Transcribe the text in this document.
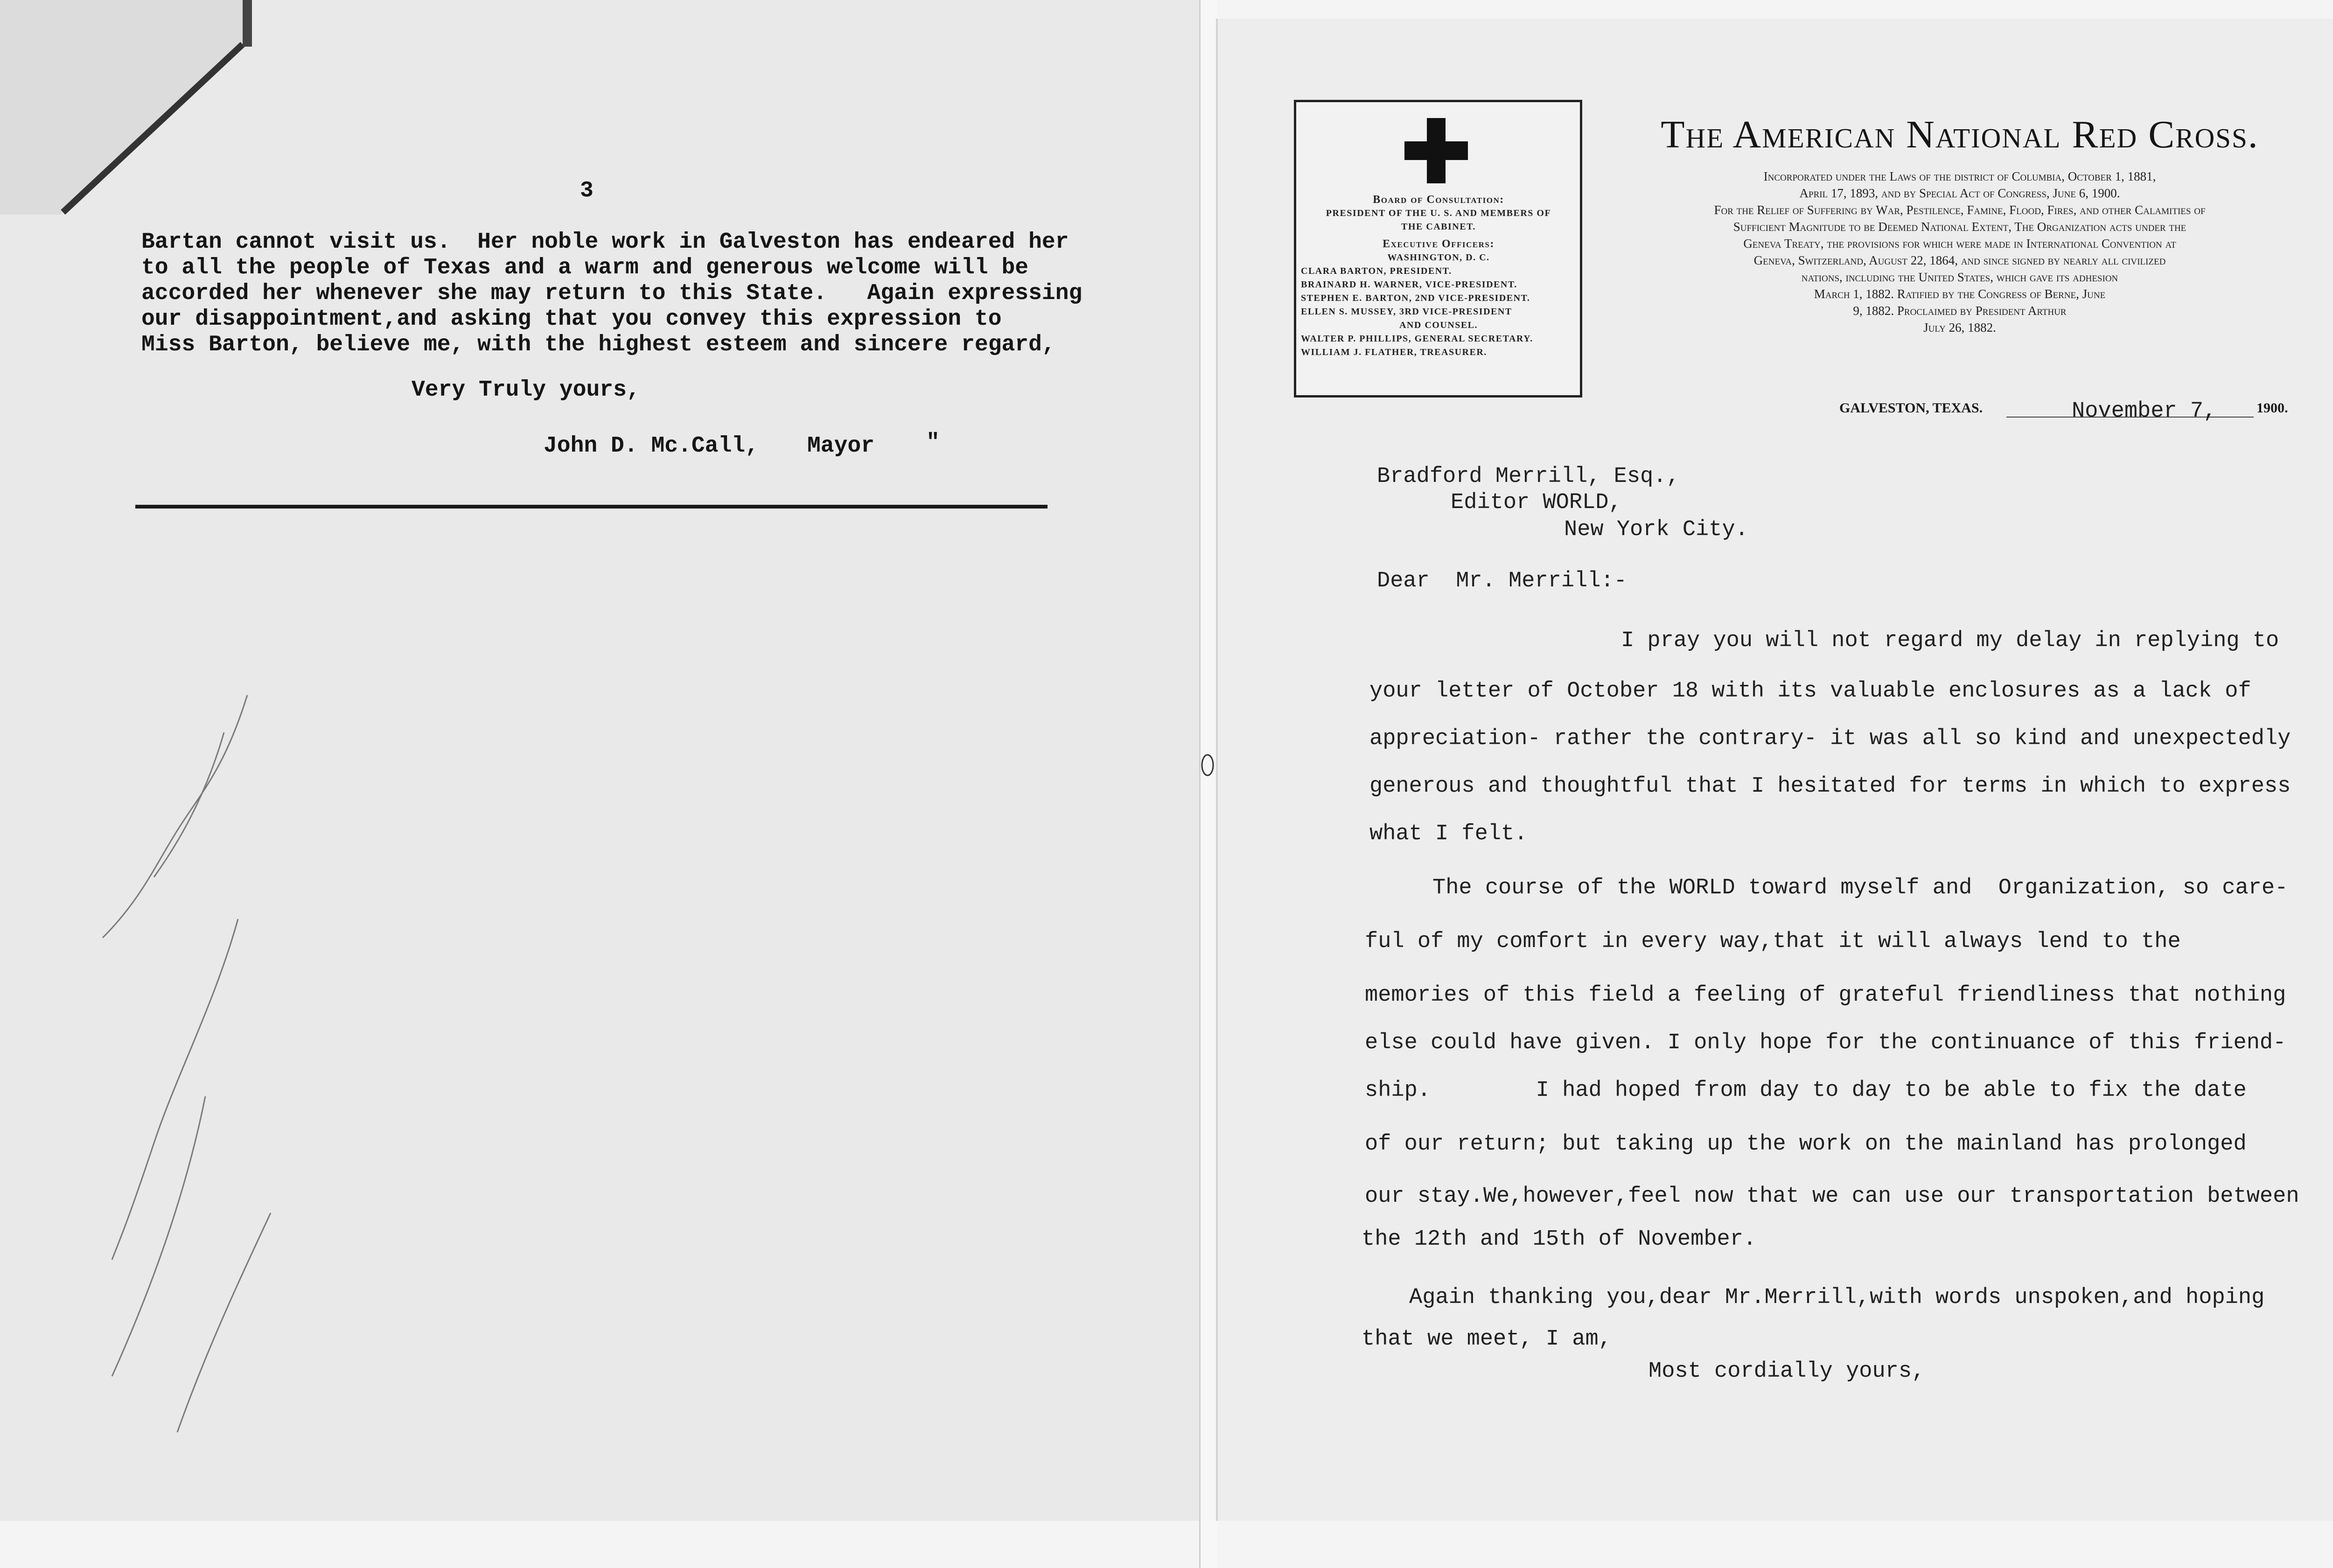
3
Bartan cannot visit us.  Her noble work in Galveston has endeared her
to all the people of Texas and a warm and generous welcome will be
accorded her whenever she may return to this State.   Again expressing
our disappointment,and asking that you convey this expression to
Miss Barton, believe me, with the highest esteem and sincere regard,
Very Truly yours,
John D. Mc.Call, Mayor "
Board of Consultation:
PRESIDENT OF THE U. S. AND MEMBERS OF
THE CABINET.
Executive Officers:
WASHINGTON, D. C.
CLARA BARTON, PRESIDENT.
BRAINARD H. WARNER, VICE-PRESIDENT.
STEPHEN E. BARTON, 2ND VICE-PRESIDENT.
ELLEN S. MUSSEY, 3RD VICE-PRESIDENT
AND COUNSEL.
WALTER P. PHILLIPS, GENERAL SECRETARY.
WILLIAM J. FLATHER, TREASURER.
The American National Red Cross.
Incorporated under the Laws of the district of Columbia, October 1, 1881,
April 17, 1893, and by Special Act of Congress, June 6, 1900.
For the Relief of Suffering by War, Pestilence, Famine, Flood, Fires, and other Calamities of
Sufficient Magnitude to be Deemed National Extent, The Organization acts under the
Geneva Treaty, the provisions for which were made in International Convention at
Geneva, Switzerland, August 22, 1864, and since signed by nearly all civilized
nations, including the United States, which gave its adhesion
March 1, 1882. Ratified by the Congress of Berne, June
9, 1882. Proclaimed by President Arthur
July 26, 1882.
GALVESTON, TEXAS.	November 7,	1900.
Bradford Merrill, Esq.,
Editor WORLD,
New York City.
Dear  Mr. Merrill:-
I pray you will not regard my delay in replying to
your letter of October 18 with its valuable enclosures as a lack of
appreciation- rather the contrary- it was all so kind and unexpectedly
generous and thoughtful that I hesitated for terms in which to express
what I felt.
The course of the WORLD toward myself and  Organization, so care-
ful of my comfort in every way,that it will always lend to the
memories of this field a feeling of grateful friendliness that nothing
else could have given. I only hope for the continuance of this friend-
ship.        I had hoped from day to day to be able to fix the date
of our return; but taking up the work on the mainland has prolonged
our stay.We,however,feel now that we can use our transportation between
the 12th and 15th of November.
Again thanking you,dear Mr.Merrill,with words unspoken,and hoping
that we meet, I am,
Most cordially yours,
